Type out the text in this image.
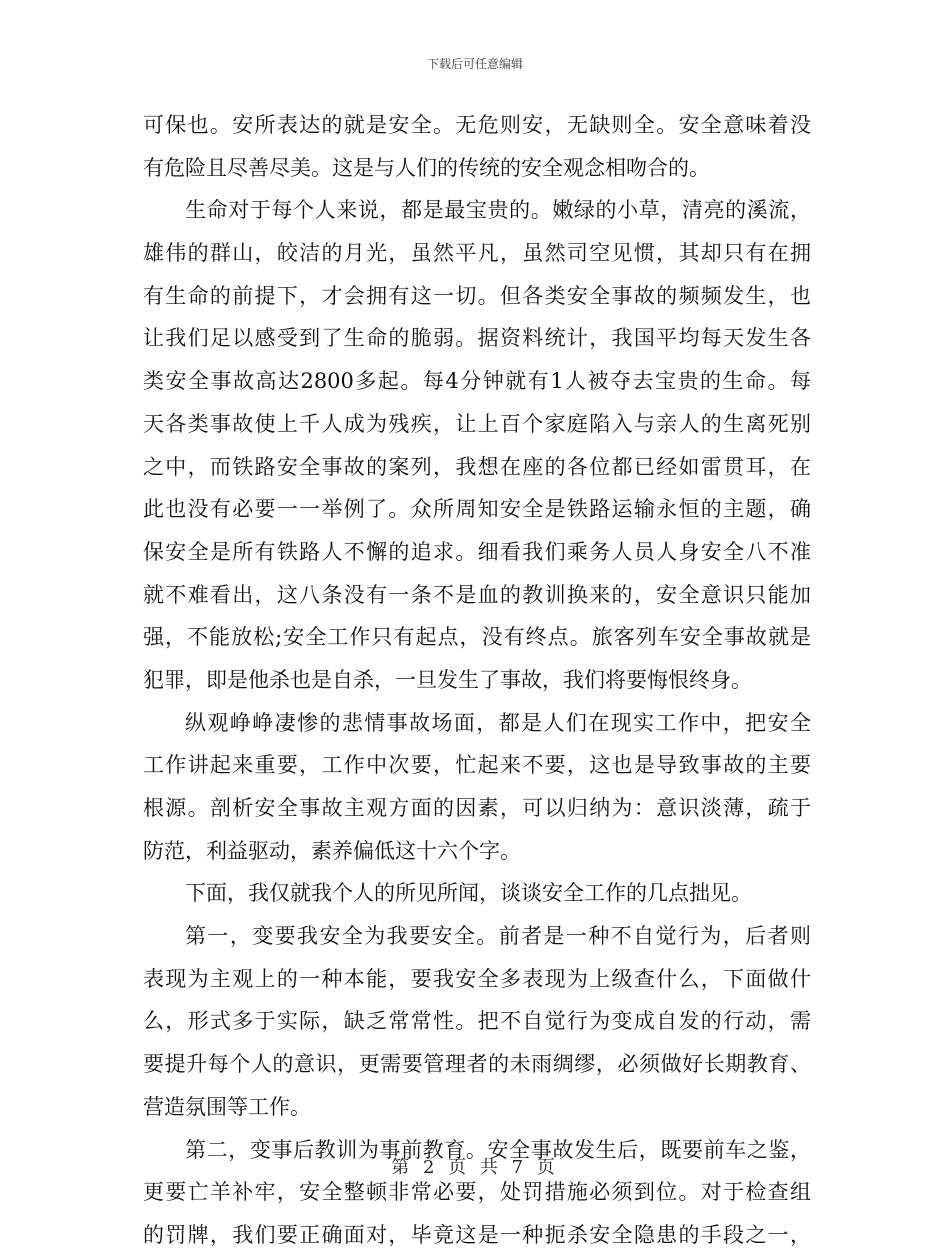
下载后可任意编辑
可保也。安所表达的就是安全。无危则安，无缺则全。安全意味着没
有危险且尽善尽美。这是与人们的传统的安全观念相吻合的。
生命对于每个人来说，都是最宝贵的。嫩绿的小草，清亮的溪流，
雄伟的群山，皎洁的月光，虽然平凡，虽然司空见惯，其却只有在拥
有生命的前提下，才会拥有这一切。但各类安全事故的频频发生，也
让我们足以感受到了生命的脆弱。据资料统计，我国平均每天发生各
类安全事故高达2800多起。每4分钟就有1人被夺去宝贵的生命。每
天各类事故使上千人成为残疾，让上百个家庭陷入与亲人的生离死别
之中，而铁路安全事故的案列，我想在座的各位都已经如雷贯耳，在
此也没有必要一一举例了。众所周知安全是铁路运输永恒的主题，确
保安全是所有铁路人不懈的追求。细看我们乘务人员人身安全八不准
就不难看出，这八条没有一条不是血的教训换来的，安全意识只能加
强，不能放松;安全工作只有起点，没有终点。旅客列车安全事故就是
犯罪，即是他杀也是自杀，一旦发生了事故，我们将要悔恨终身。
纵观峥峥凄惨的悲情事故场面，都是人们在现实工作中，把安全
工作讲起来重要，工作中次要，忙起来不要，这也是导致事故的主要
根源。剖析安全事故主观方面的因素，可以归纳为：意识淡薄，疏于
防范，利益驱动，素养偏低这十六个字。
下面，我仅就我个人的所见所闻，谈谈安全工作的几点拙见。
第一，变要我安全为我要安全。前者是一种不自觉行为，后者则
表现为主观上的一种本能，要我安全多表现为上级查什么，下面做什
么，形式多于实际，缺乏常常性。把不自觉行为变成自发的行动，需
要提升每个人的意识，更需要管理者的未雨绸缪，必须做好长期教育、
营造氛围等工作。
第二，变事后教训为事前教育。安全事故发生后，既要前车之鉴，
更要亡羊补牢，安全整顿非常必要，处罚措施必须到位。对于检查组
的罚牌，我们要正确面对，毕竟这是一种扼杀安全隐患的手段之一，
第 2 页 共 7 页
